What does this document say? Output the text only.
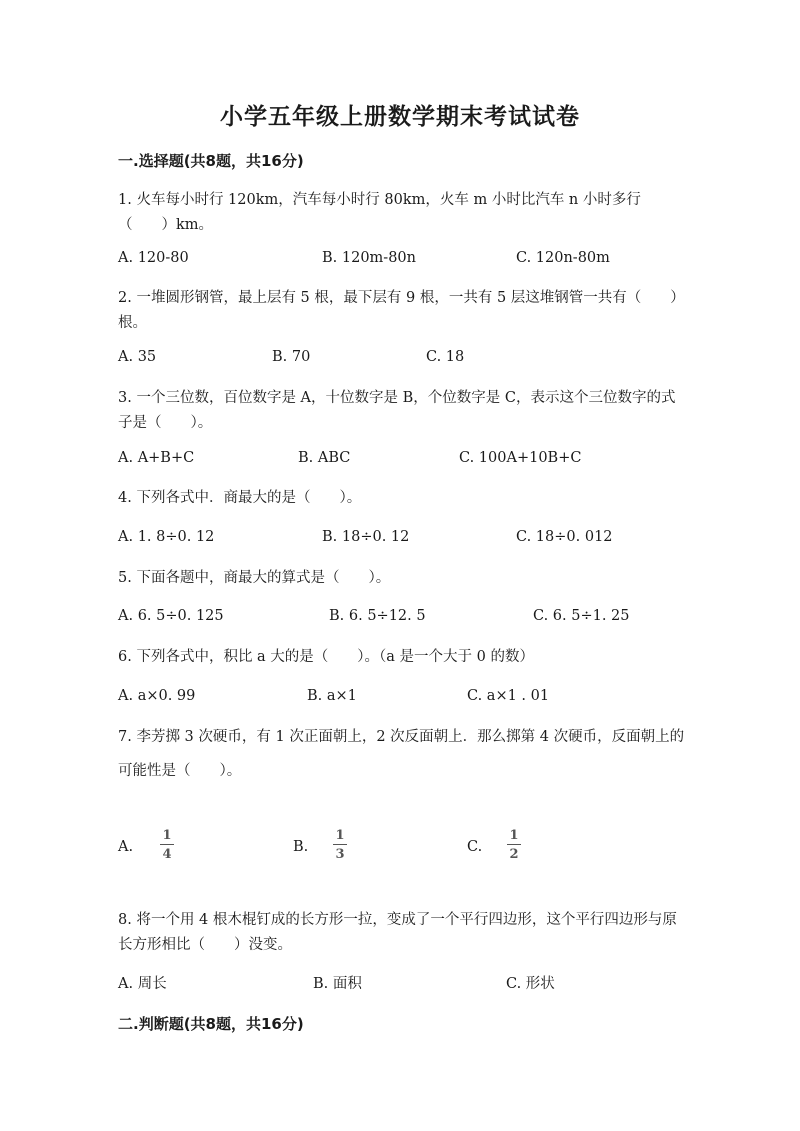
小学五年级上册数学期末考试试卷
一.选择题(共8题，共16分)
1. 火车每小时行 120km，汽车每小时行 80km，火车 m 小时比汽车 n 小时多行（　　）km。
A. 120-80	B. 120m-80n	C. 120n-80m
2. 一堆圆形钢管，最上层有 5 根，最下层有 9 根，一共有 5 层这堆钢管一共有（　　）根。
A. 35	B. 70	C. 18
3. 一个三位数，百位数字是 A，十位数字是 B，个位数字是 C，表示这个三位数字的式子是（　　）。
A. A+B+C	B. ABC	C. 100A+10B+C
4. 下列各式中．商最大的是（　　）。
A. 1. 8÷0. 12	B. 18÷0. 12	C. 18÷0. 012
5. 下面各题中，商最大的算式是（　　）。
A. 6. 5÷0. 125	B. 6. 5÷12. 5	C. 6. 5÷1. 25
6. 下列各式中，积比 a 大的是（　　）。（a 是一个大于 0 的数）
A. a×0. 99	B. a×1	C. a×1 . 01
7. 李芳掷 3 次硬币，有 1 次正面朝上，2 次反面朝上．那么掷第 4 次硬币，反面朝上的可能性是（　　）。
A.
1
4	B.
1
3	C.
1
2
8. 将一个用 4 根木棍钉成的长方形一拉，变成了一个平行四边形，这个平行四边形与原长方形相比（　　）没变。
A. 周长	B. 面积	C. 形状
二.判断题(共8题，共16分)
